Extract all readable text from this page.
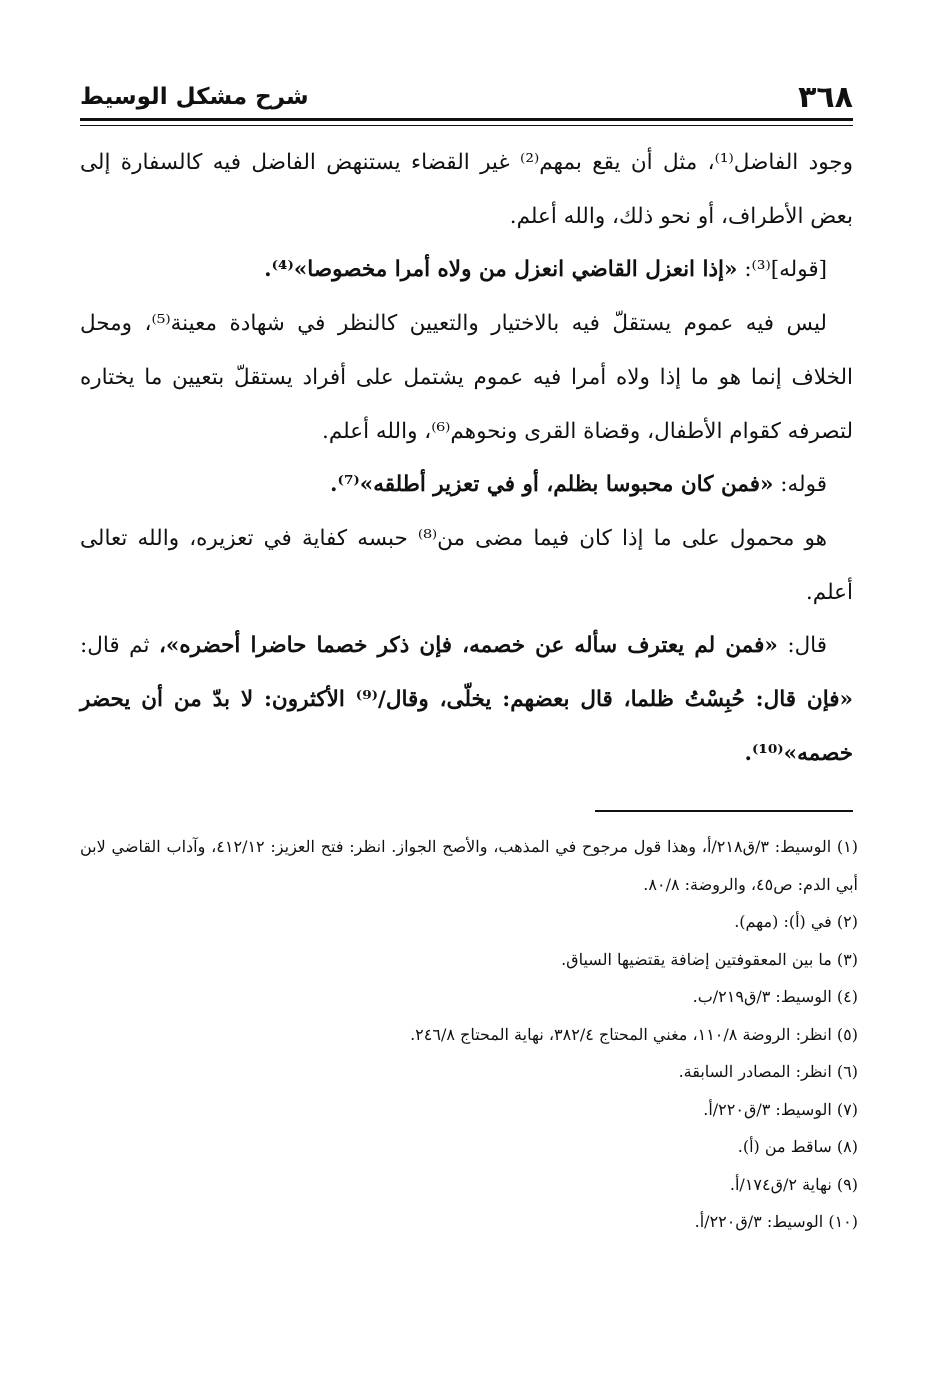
٣٦٨
شرح مشكل الوسيط

وجود الفاضل⁽¹⁾، مثل أن يقع بمهم⁽²⁾ غير القضاء يستنهض الفاضل فيه كالسفارة إلى بعض الأطراف، أو نحو ذلك، والله أعلم.

[قوله]⁽³⁾: «إذا انعزل القاضي انعزل من ولاه أمرا مخصوصا»⁽⁴⁾.

ليس فيه عموم يستقلّ فيه بالاختيار والتعيين كالنظر في شهادة معينة⁽⁵⁾، ومحل الخلاف إنما هو ما إذا ولاه أمرا فيه عموم يشتمل على أفراد يستقلّ بتعيين ما يختاره لتصرفه كقوام الأطفال، وقضاة القرى ونحوهم⁽⁶⁾، والله أعلم.

قوله: «فمن كان محبوسا بظلم، أو في تعزير أطلقه»⁽⁷⁾.

هو محمول على ما إذا كان فيما مضى من⁽⁸⁾ حبسه كفاية في تعزيره، والله تعالى أعلم.

قال: «فمن لم يعترف سأله عن خصمه، فإن ذكر خصما حاضرا أحضره»، ثم قال: «فإن قال: حُبِسْتُ ظلما، قال بعضهم: يخلّى، وقال/⁽⁹⁾ الأكثرون: لا بدّ من أن يحضر خصمه»⁽¹⁰⁾.

(١) الوسيط: ٣/ق٢١٨/أ، وهذا قول مرجوح في المذهب، والأصح الجواز. انظر: فتح العزيز: ٤١٢/١٢، وآداب القاضي لابن أبي الدم: ص٤٥، والروضة: ٨٠/٨.

(٢) في (أ): (مهم).

(٣) ما بين المعقوفتين إضافة يقتضيها السياق.

(٤) الوسيط: ٣/ق٢١٩/ب.

(٥) انظر: الروضة ١١٠/٨، مغني المحتاج ٣٨٢/٤، نهاية المحتاج ٢٤٦/٨.

(٦) انظر: المصادر السابقة.

(٧) الوسيط: ٣/ق٢٢٠/أ.

(٨) ساقط من (أ).

(٩) نهاية ٢/ق١٧٤/أ.

(١٠) الوسيط: ٣/ق٢٢٠/أ.
